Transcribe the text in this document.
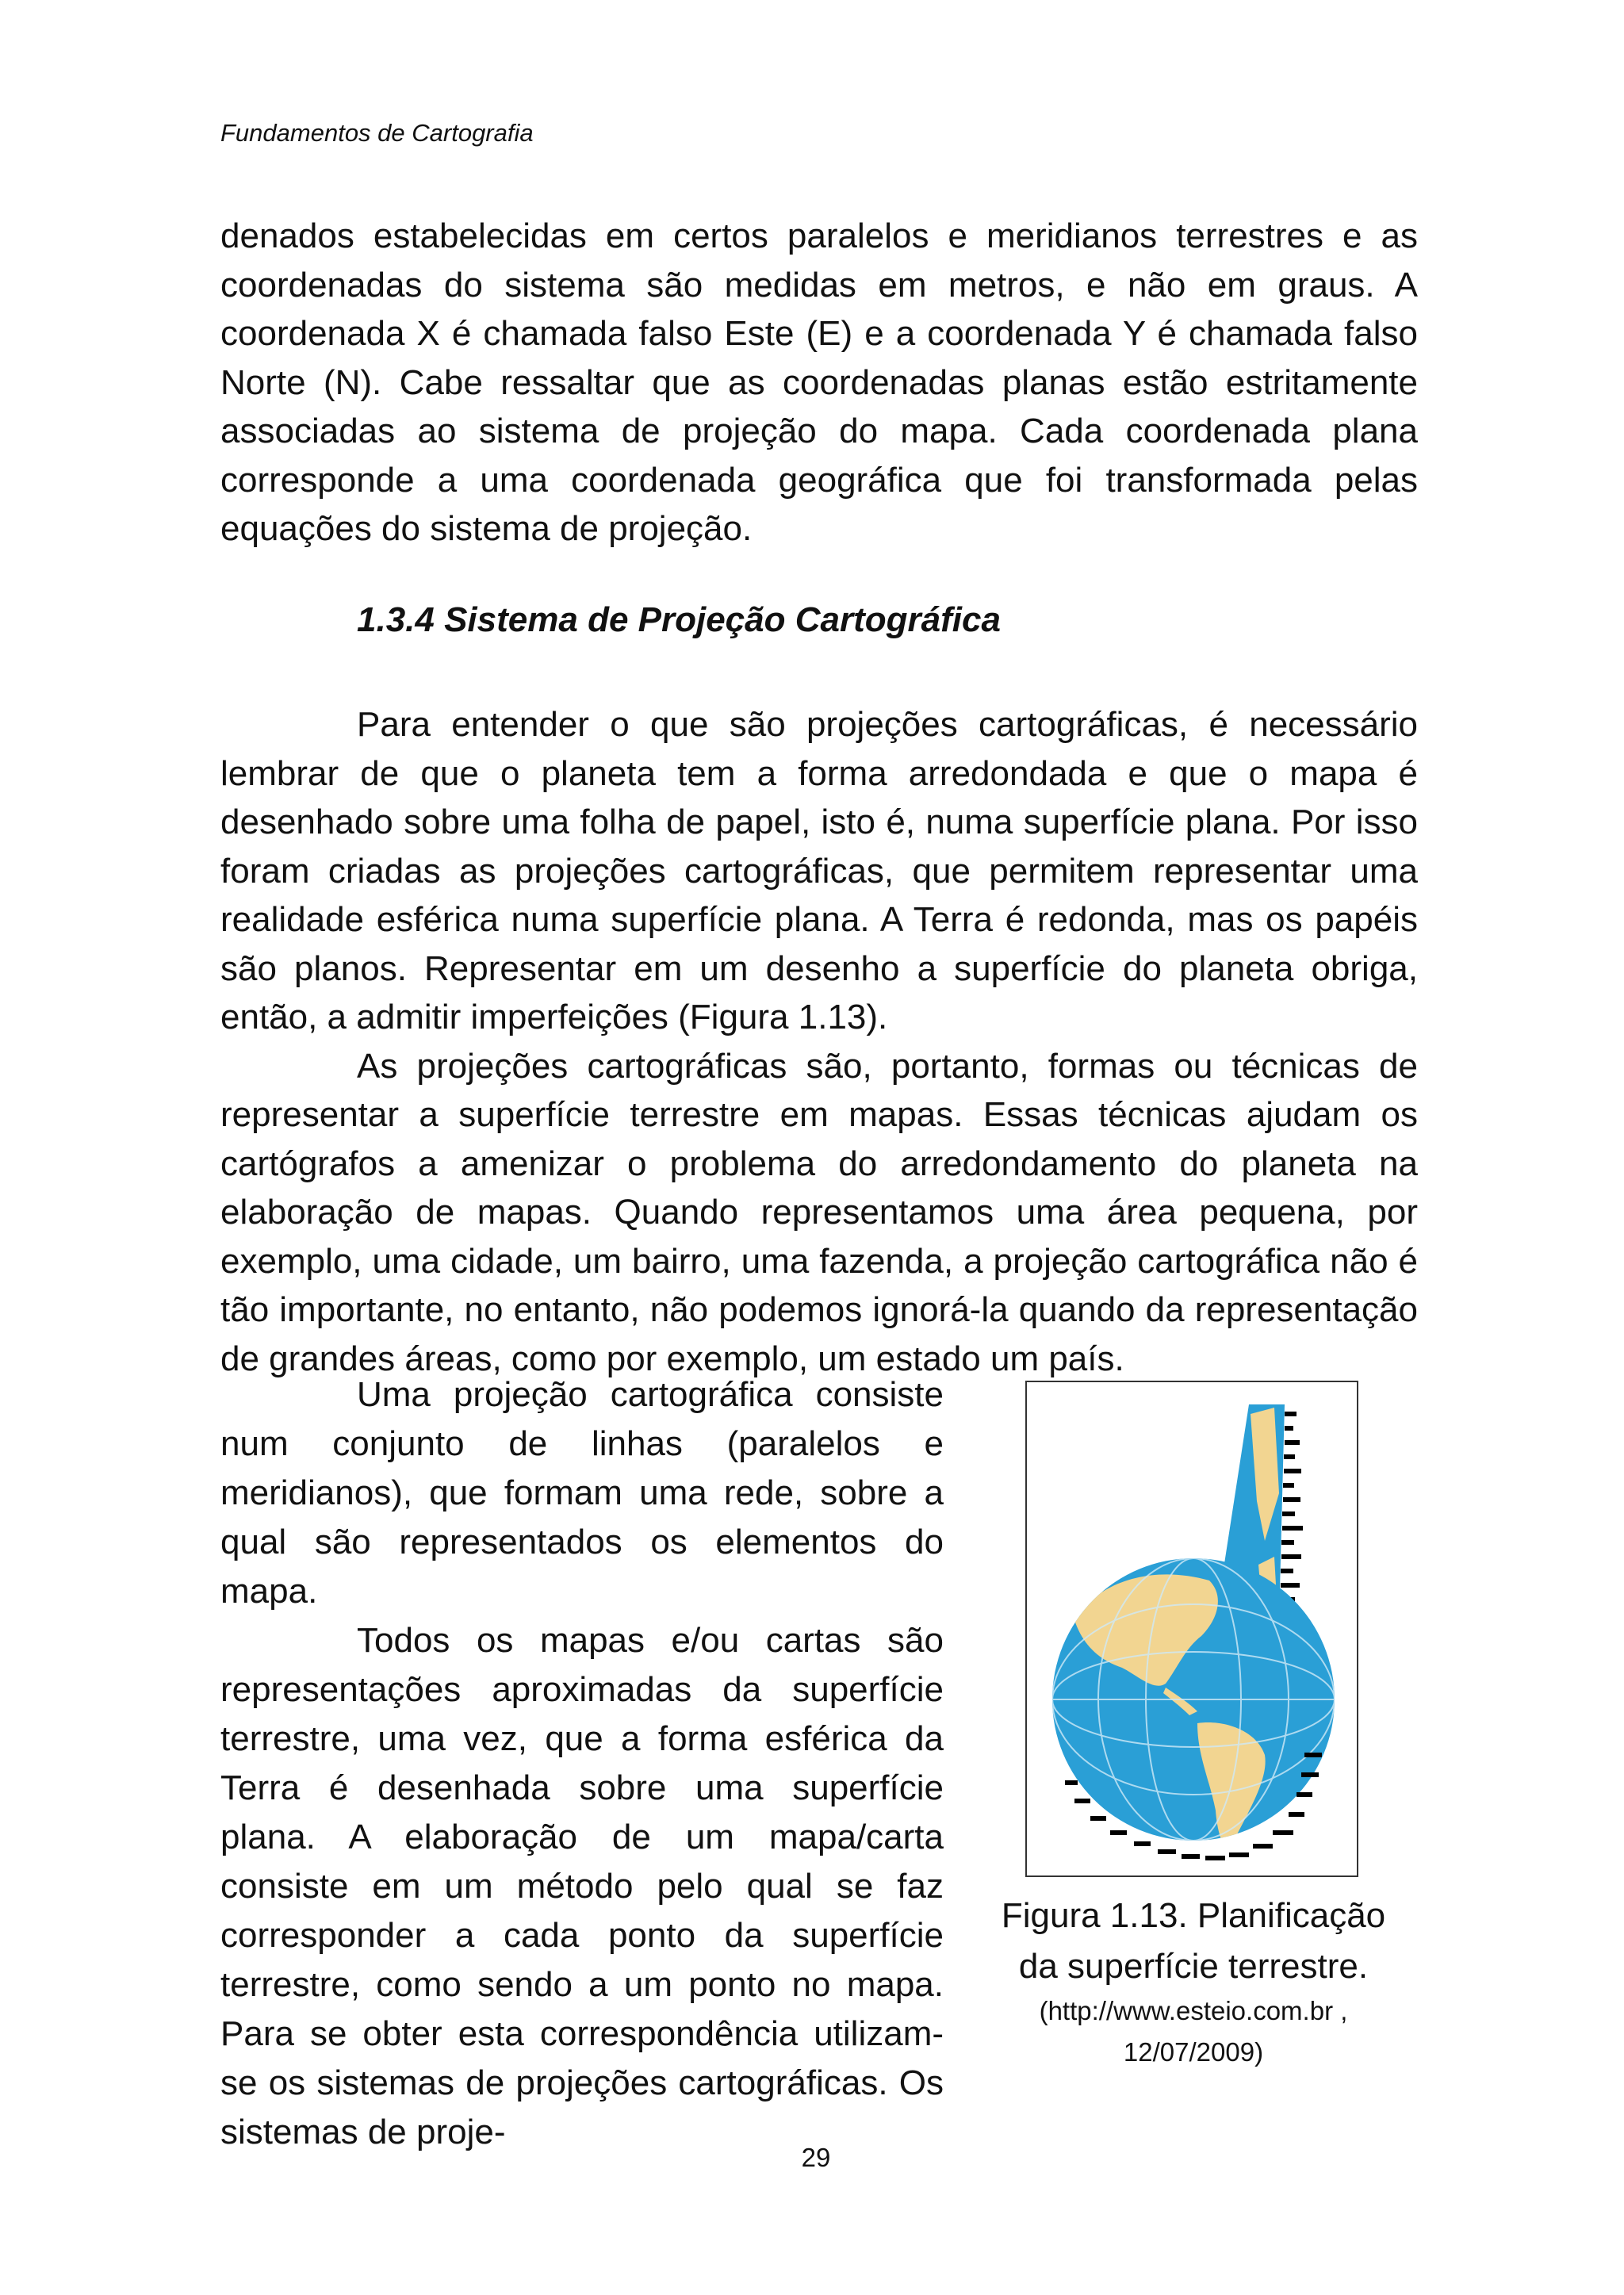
Fundamentos de Cartografia

denados estabelecidas em certos paralelos e meridianos terrestres e as coordenadas do sistema são medidas em metros, e não em graus. A coordenada X é chamada falso Este (E) e a coordenada Y é chamada falso Norte (N). Cabe ressaltar que as coordenadas planas estão estritamente associadas ao sistema de projeção do mapa. Cada coordenada plana corresponde a uma coordenada geográfica que foi transformada pelas equações do sistema de projeção.

1.3.4 Sistema de Projeção Cartográfica

Para entender o que são projeções cartográficas, é necessário lembrar de que o planeta tem a forma arredondada e que o mapa é desenhado sobre uma folha de papel, isto é, numa superfície plana. Por isso foram criadas as projeções cartográficas, que permitem representar uma realidade esférica numa superfície plana. A Terra é redonda, mas os papéis são planos. Representar em um desenho a superfície do planeta obriga, então, a admitir imperfeições (Figura 1.13).

As projeções cartográficas são, portanto, formas ou técnicas de representar a superfície terrestre em mapas. Essas técnicas ajudam os cartógrafos a amenizar o problema do arredondamento do planeta na elaboração de mapas. Quando representamos uma área pequena, por exemplo, uma cidade, um bairro, uma fazenda, a projeção cartográfica não é tão importante, no entanto, não podemos ignorá-la quando da representação de grandes áreas, como por exemplo, um estado um país.

Uma projeção cartográfica consiste num conjunto de linhas (paralelos e meridianos), que formam uma rede, sobre a qual são representados os elementos do mapa.

Todos os mapas e/ou cartas são representações aproximadas da superfície terrestre, uma vez, que a forma esférica da Terra é desenhada sobre uma superfície plana. A elaboração de um mapa/carta consiste em um método pelo qual se faz corresponder a cada ponto da superfície terrestre, como sendo a um ponto no mapa. Para se obter esta correspondência utilizam-se os sistemas de projeções cartográficas. Os sistemas de proje-

Figura 1.13. Planificação
da superfície terrestre.
(http://www.esteio.com.br ,
12/07/2009)
29
